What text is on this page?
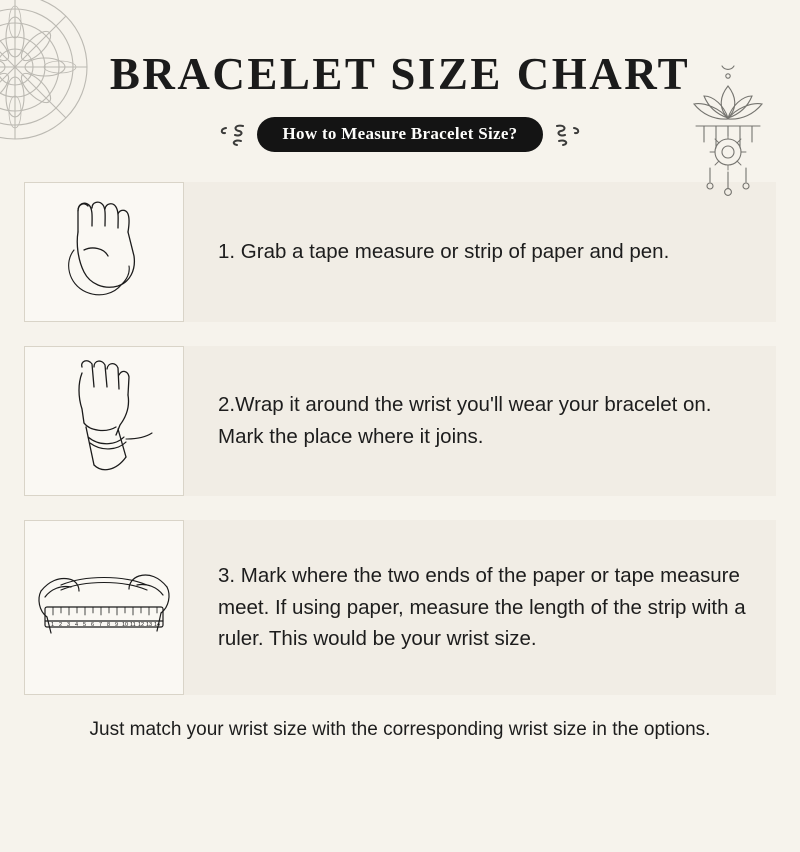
BRACELET SIZE CHART
How to Measure Bracelet Size?
1. Grab a tape measure or strip of paper and pen.
2.Wrap it around the wrist you'll wear your bracelet on. Mark the place where it joins.
1 2 3 4 5 6 7 8 9 10 11 12 13 14
3. Mark where the two ends of the paper or tape measure meet. If using paper, measure the length of the strip with a ruler. This would be your wrist size.
Just match your wrist size with the corresponding wrist size in the options.
